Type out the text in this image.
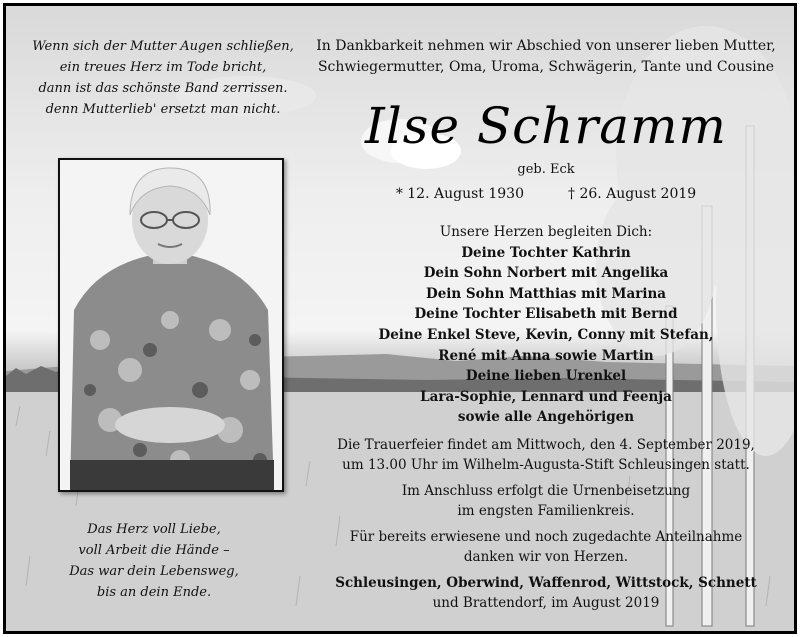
Wenn sich der Mutter Augen schließen,
ein treues Herz im Tode bricht,
dann ist das schönste Band zerrissen.
denn Mutterlieb' ersetzt man nicht.
Das Herz voll Liebe,
voll Arbeit die Hände –
Das war dein Lebensweg,
bis an dein Ende.
In Dankbarkeit nehmen wir Abschied von unserer lieben Mutter,
Schwiegermutter, Oma, Uroma, Schwägerin, Tante und Cousine
Ilse Schramm
geb. Eck
* 12. August 1930	† 26. August 2019
Unsere Herzen begleiten Dich:
Deine Tochter Kathrin
Dein Sohn Norbert mit Angelika
Dein Sohn Matthias mit Marina
Deine Tochter Elisabeth mit Bernd
Deine Enkel Steve, Kevin, Conny mit Stefan,
René mit Anna sowie Martin
Deine lieben Urenkel
Lara-Sophie, Lennard und Feenja
sowie alle Angehörigen
Die Trauerfeier findet am Mittwoch, den 4. September 2019,
um 13.00 Uhr im Wilhelm-Augusta-Stift Schleusingen statt.
Im Anschluss erfolgt die Urnenbeisetzung
im engsten Familienkreis.
Für bereits erwiesene und noch zugedachte Anteilnahme
danken wir von Herzen.
Schleusingen, Oberwind, Waffenrod, Wittstock, Schnett
und Brattendorf, im August 2019
